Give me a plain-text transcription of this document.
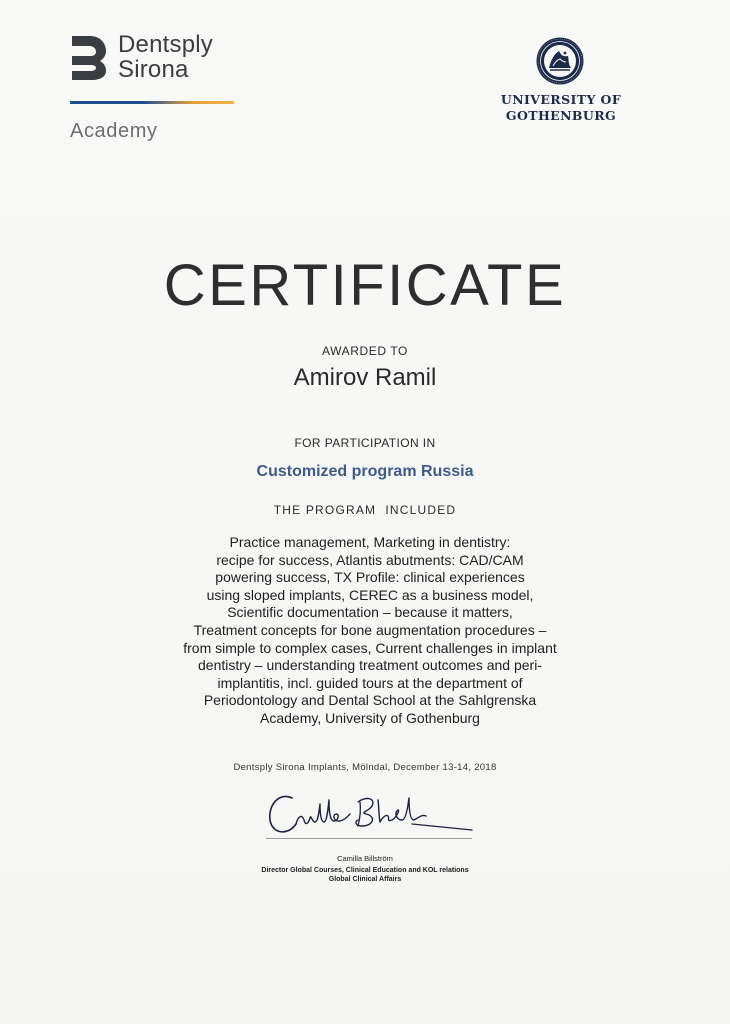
Dentsply
Sirona
Academy
UNIVERSITY OF
GOTHENBURG
CERTIFICATE
AWARDED TO
Amirov Ramil
FOR PARTICIPATION IN
Customized program Russia
THE PROGRAM  INCLUDED
Practice management, Marketing in dentistry:
recipe for success, Atlantis abutments: CAD/CAM
powering success, TX Profile: clinical experiences
using sloped implants, CEREC as a business model,
Scientific documentation – because it matters,
Treatment concepts for bone augmentation procedures –
from simple to complex cases, Current challenges in implant
dentistry – understanding treatment outcomes and peri-
implantitis, incl. guided tours at the department of
Periodontology and Dental School at the Sahlgrenska
Academy, University of Gothenburg
Dentsply Sirona Implants, Mölndal, December 13-14, 2018
Camilla Billström
Director Global Courses, Clinical Education and KOL relations
Global Clinical Affairs
